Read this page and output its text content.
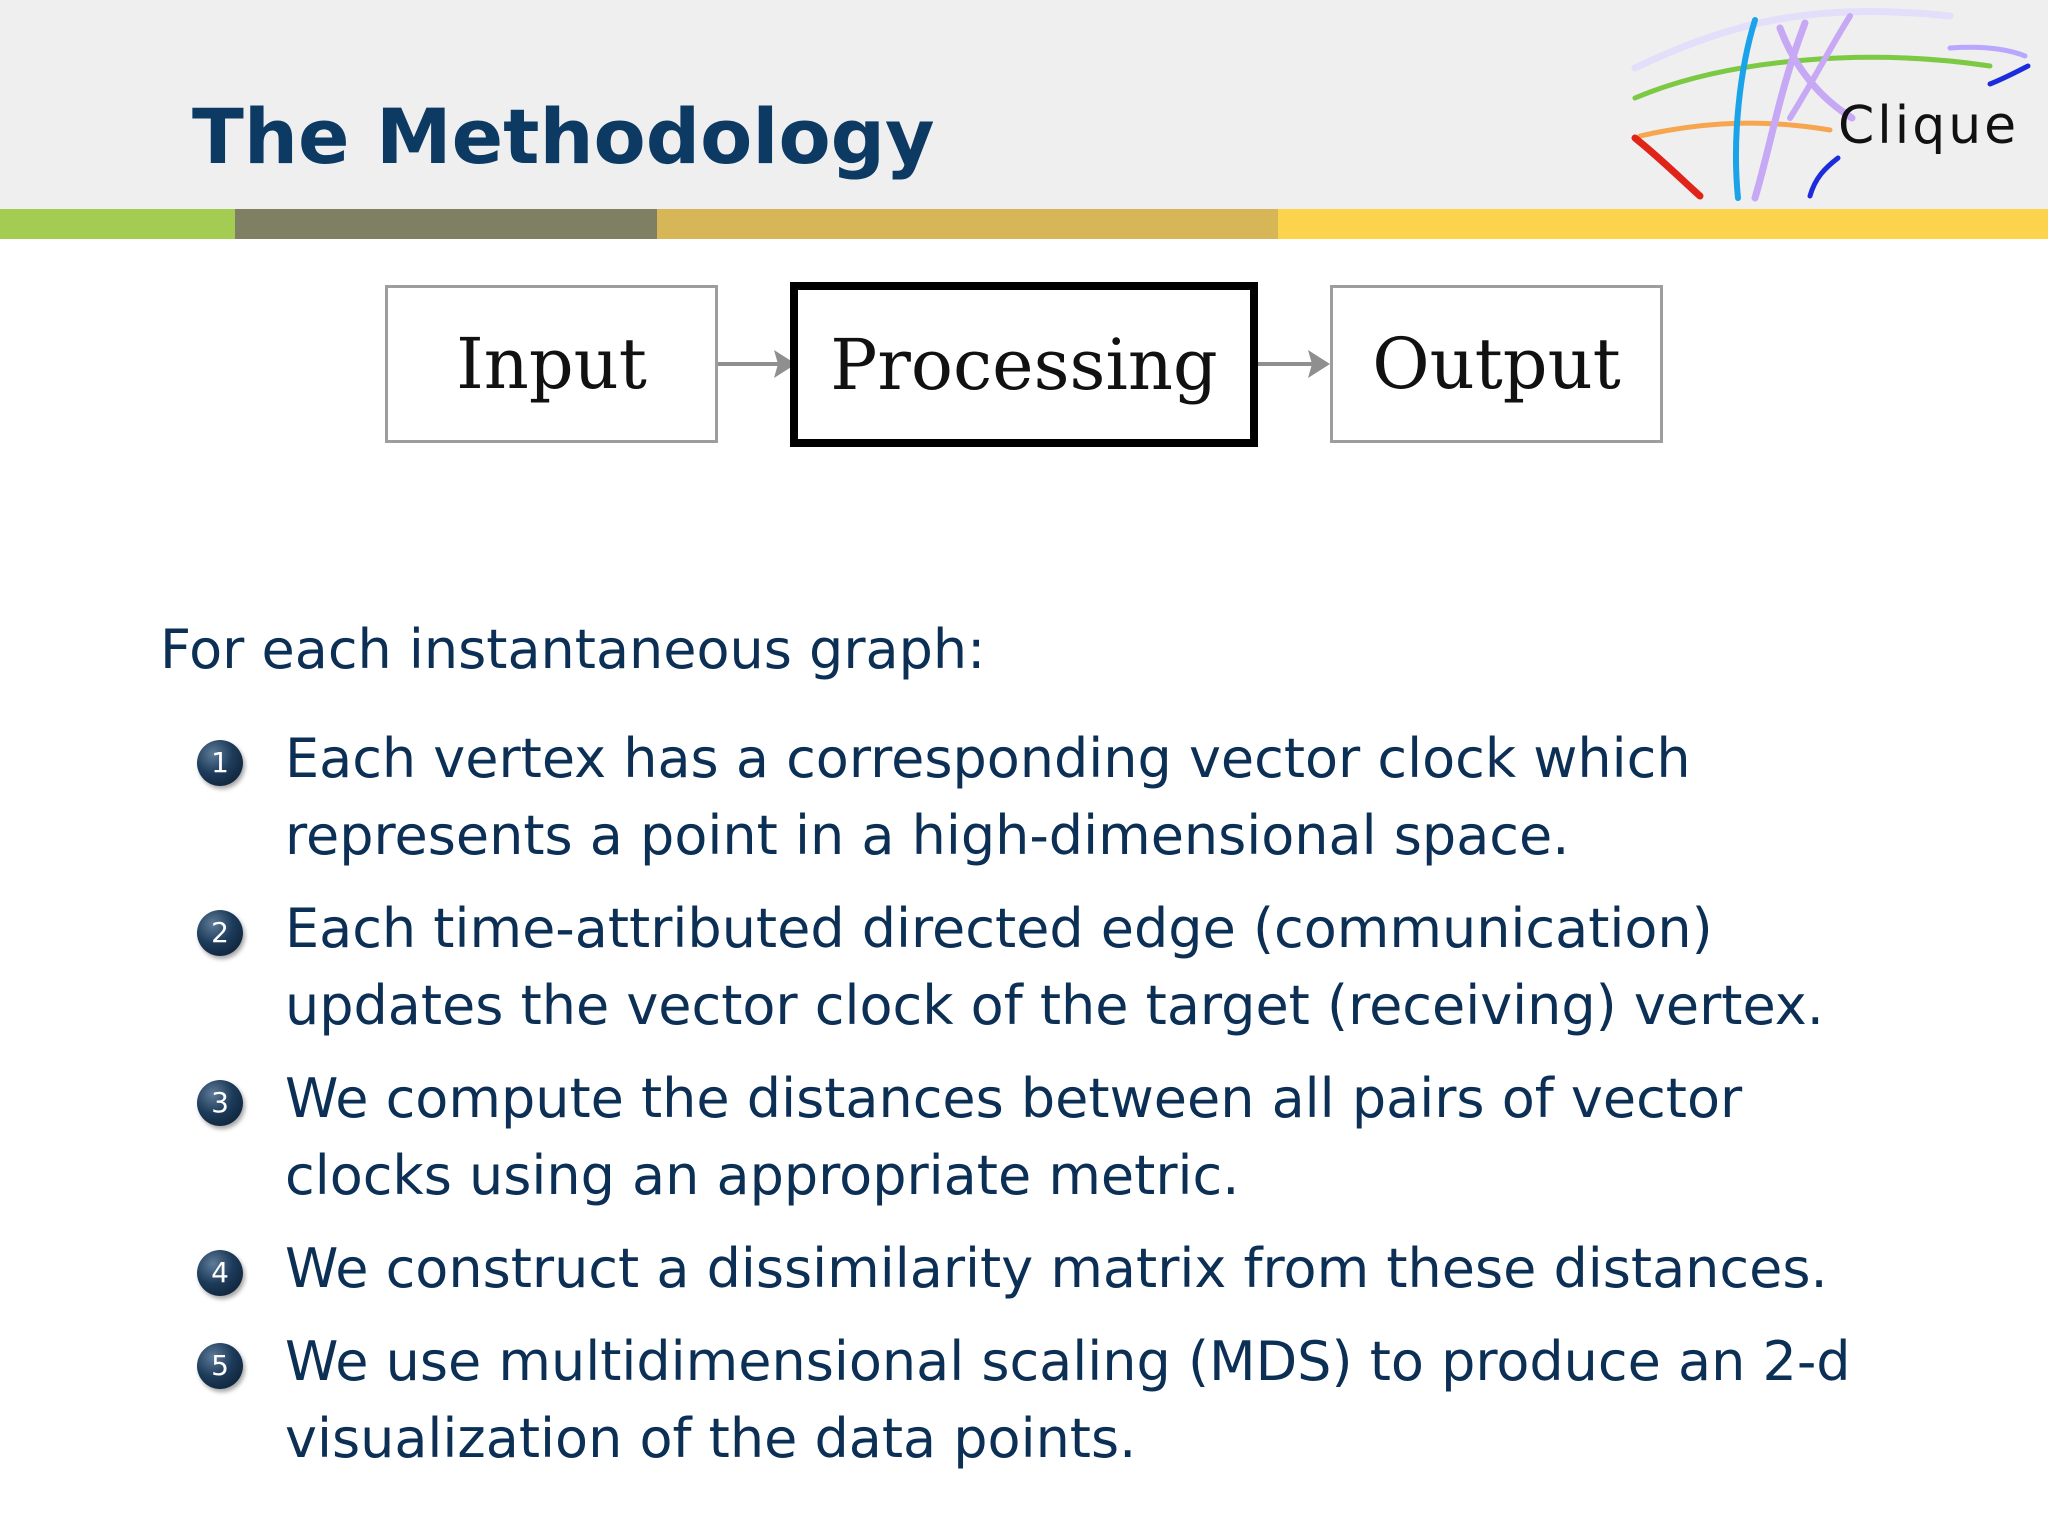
The Methodology	Clique
Input	Processing	Output
For each instantaneous graph:
1 Each vertex has a corresponding vector clock which represents a point in a high-dimensional space.
2 Each time-attributed directed edge (communication) updates the vector clock of the target (receiving) vertex.
3 We compute the distances between all pairs of vector clocks using an appropriate metric.
4 We construct a dissimilarity matrix from these distances.
5 We use multidimensional scaling (MDS) to produce an 2-d visualization of the data points.
